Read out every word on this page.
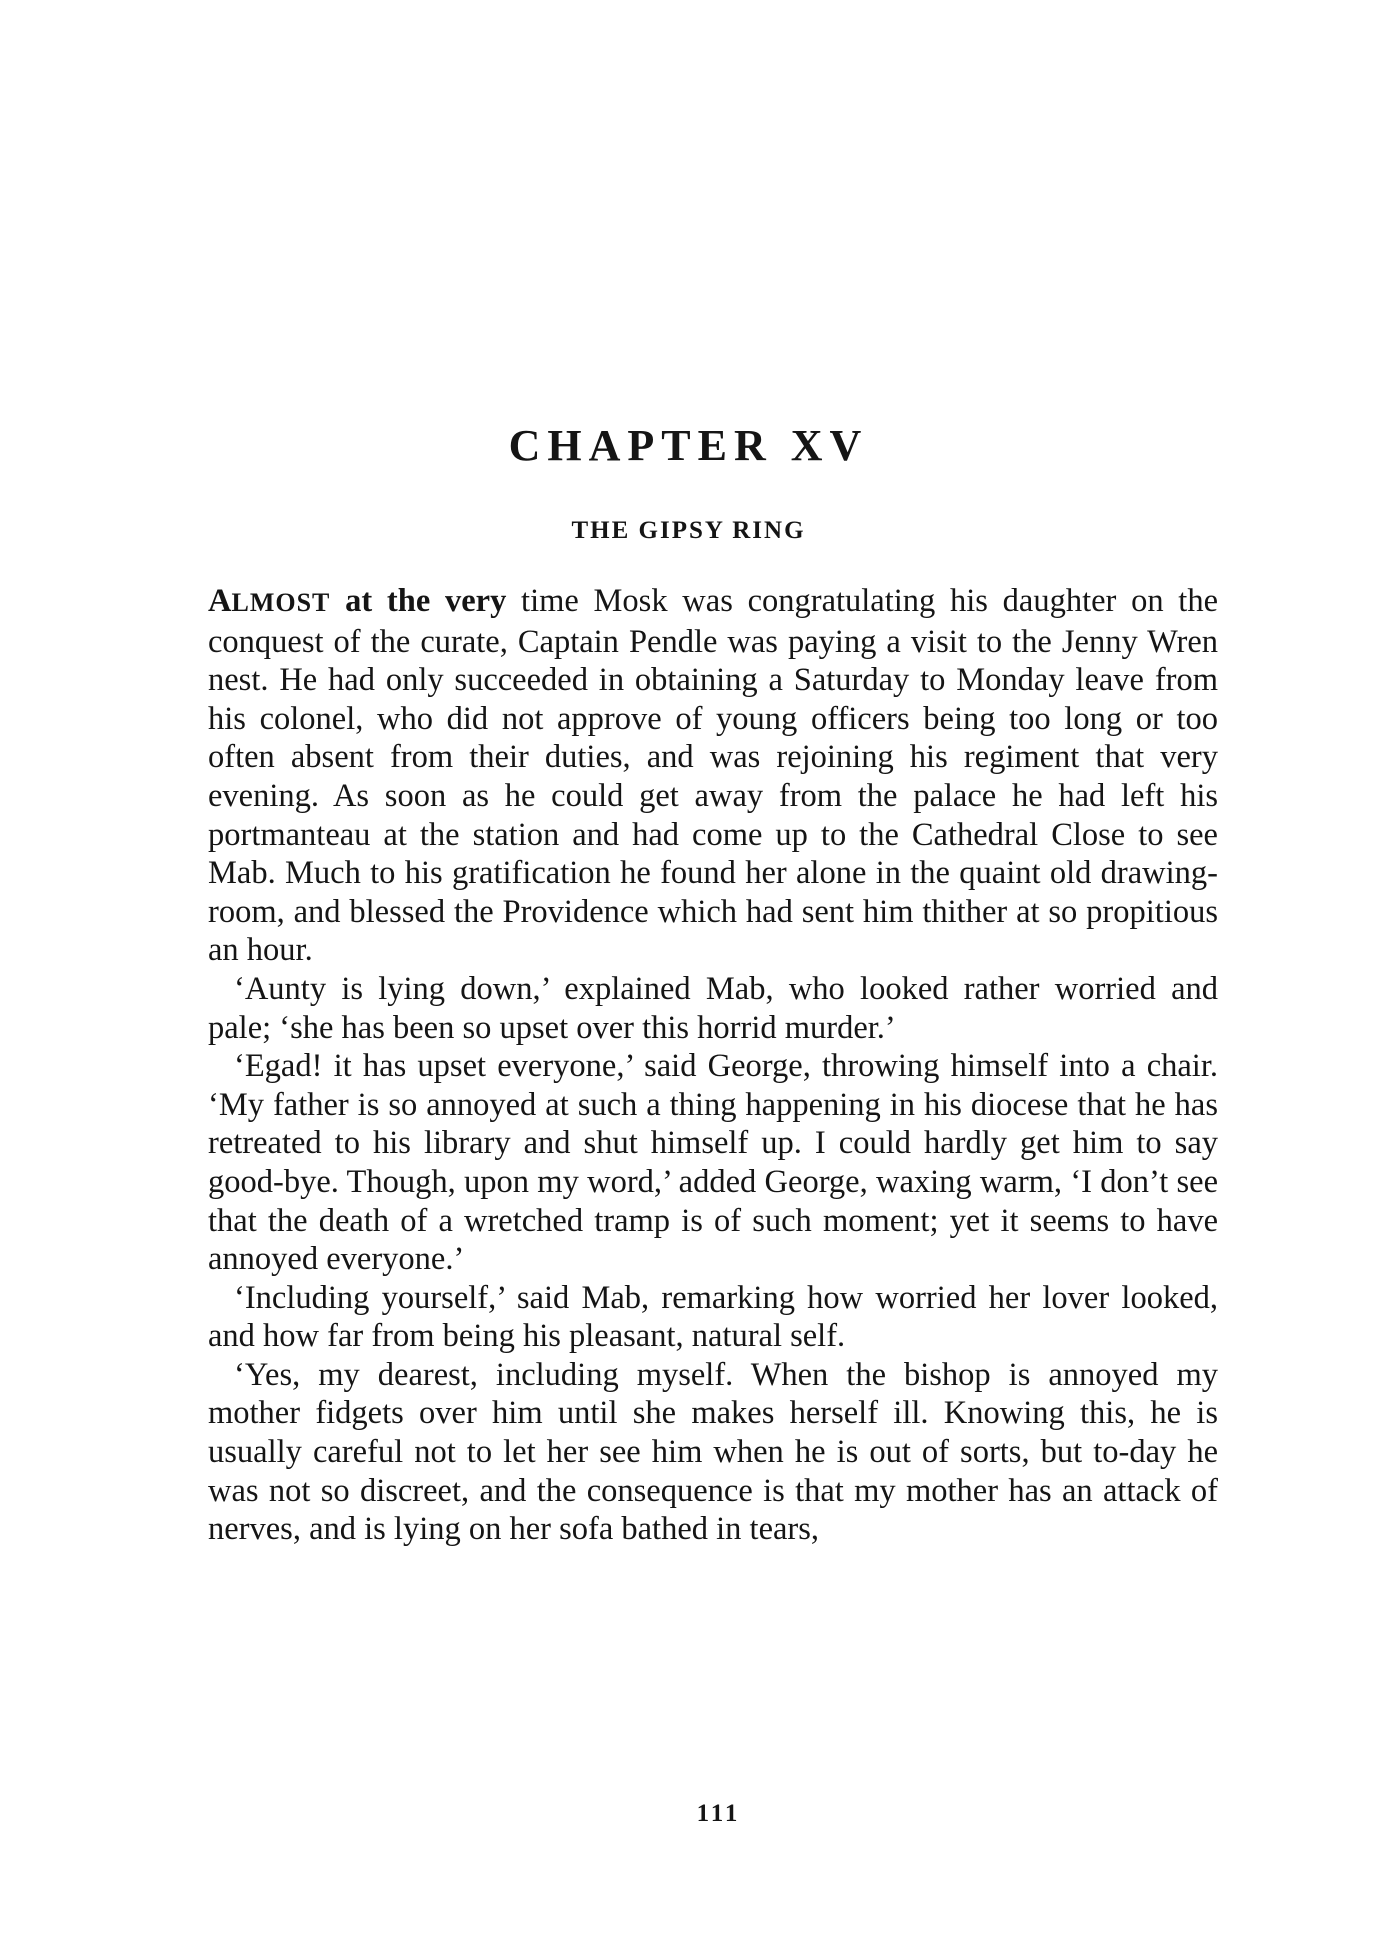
CHAPTER XV
THE GIPSY RING

ALMOST at the very time Mosk was congratulating his daughter on the conquest of the curate, Captain Pendle was paying a visit to the Jenny Wren nest. He had only succeeded in obtaining a Saturday to Monday leave from his colonel, who did not approve of young officers being too long or too often absent from their duties, and was rejoining his regiment that very evening. As soon as he could get away from the palace he had left his portmanteau at the station and had come up to the Cathedral Close to see Mab. Much to his gratification he found her alone in the quaint old drawing-room, and blessed the Providence which had sent him thither at so propitious an hour.

‘Aunty is lying down,’ explained Mab, who looked rather worried and pale; ‘she has been so upset over this horrid murder.’

‘Egad! it has upset everyone,’ said George, throwing himself into a chair. ‘My father is so annoyed at such a thing happening in his diocese that he has retreated to his library and shut himself up. I could hardly get him to say good-bye. Though, upon my word,’ added George, waxing warm, ‘I don’t see that the death of a wretched tramp is of such moment; yet it seems to have annoyed everyone.’

‘Including yourself,’ said Mab, remarking how worried her lover looked, and how far from being his pleasant, natural self.

‘Yes, my dearest, including myself. When the bishop is annoyed my mother fidgets over him until she makes herself ill. Knowing this, he is usually careful not to let her see him when he is out of sorts, but to-day he was not so discreet, and the consequence is that my mother has an attack of nerves, and is lying on her sofa bathed in tears,

111
